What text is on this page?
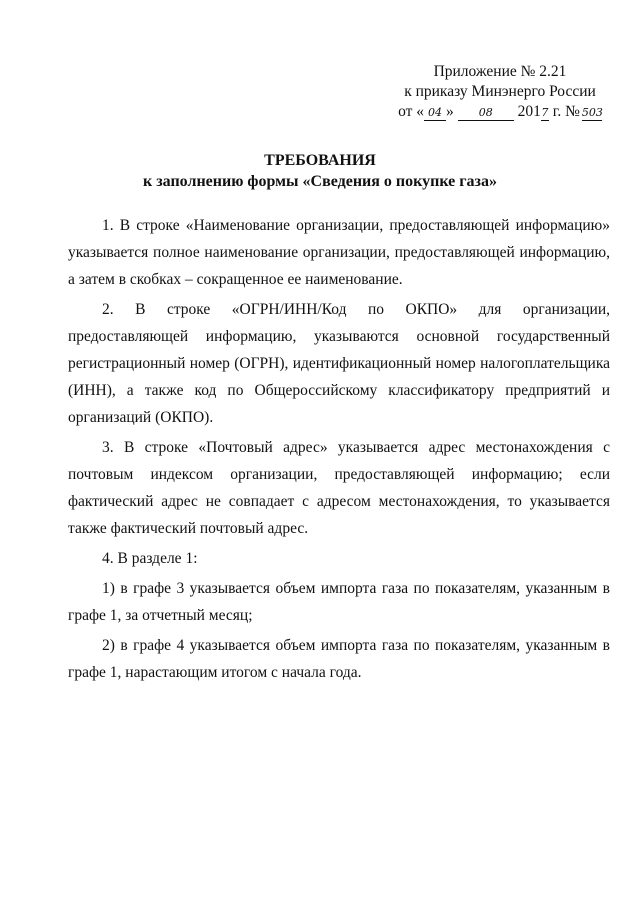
Приложение № 2.21
к приказу Минэнерго России
от « 04 » 08 2017 г. № 503
ТРЕБОВАНИЯ
к заполнению формы «Сведения о покупке газа»

1. В строке «Наименование организации, предоставляющей информацию» указывается полное наименование организации, предоставляющей информацию, а затем в скобках – сокращенное ее наименование.

2. В строке «ОГРН/ИНН/Код по ОКПО» для организации, предоставляющей информацию, указываются основной государственный регистрационный номер (ОГРН), идентификационный номер налогоплательщика (ИНН), а также код по Общероссийскому классификатору предприятий и организаций (ОКПО).

3. В строке «Почтовый адрес» указывается адрес местонахождения с почтовым индексом организации, предоставляющей информацию; если фактический адрес не совпадает с адресом местонахождения, то указывается также фактический почтовый адрес.

4. В разделе 1:

1) в графе 3 указывается объем импорта газа по показателям, указанным в графе 1, за отчетный месяц;

2) в графе 4 указывается объем импорта газа по показателям, указанным в графе 1, нарастающим итогом с начала года.
